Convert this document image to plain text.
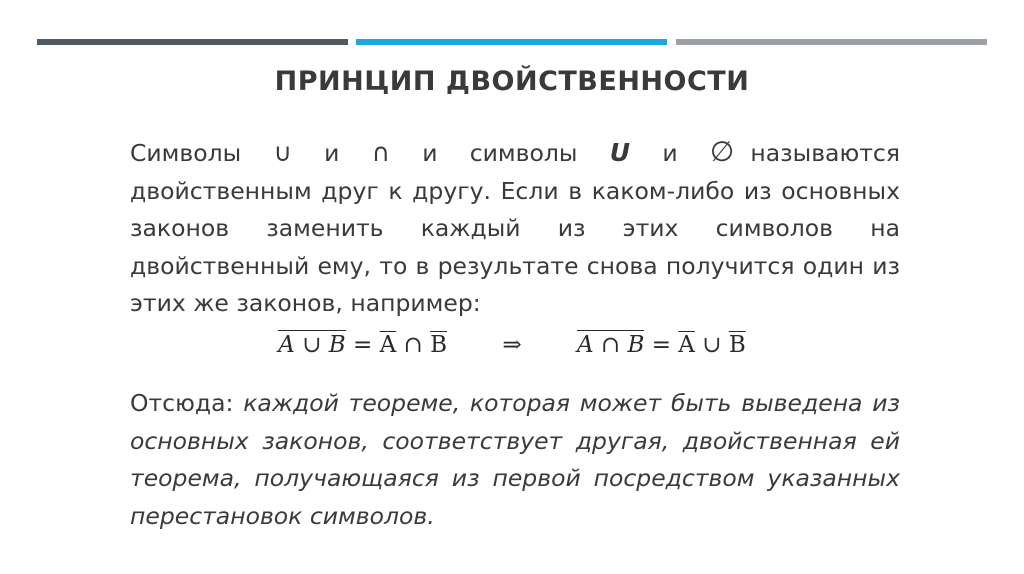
ПРИНЦИП ДВОЙСТВЕННОСТИ
Символы ∪ и ∩ и символы U и ∅ называются двойственным друг к другу. Если в каком-либо из основных законов заменить каждый из этих символов на двойственный ему, то в результате снова получится один из этих же законов, например:
A ∪ $B = \overline{A}$ ∩ $\overline{B}$ ⇒ A ∩ $B = \overline{A}$ ∪ $\overline{B}$
Отсюда: каждой теореме, которая может быть выведена из основных законов, соответствует другая, двойственная ей теорема, получающаяся из первой посредством указанных перестановок символов.
